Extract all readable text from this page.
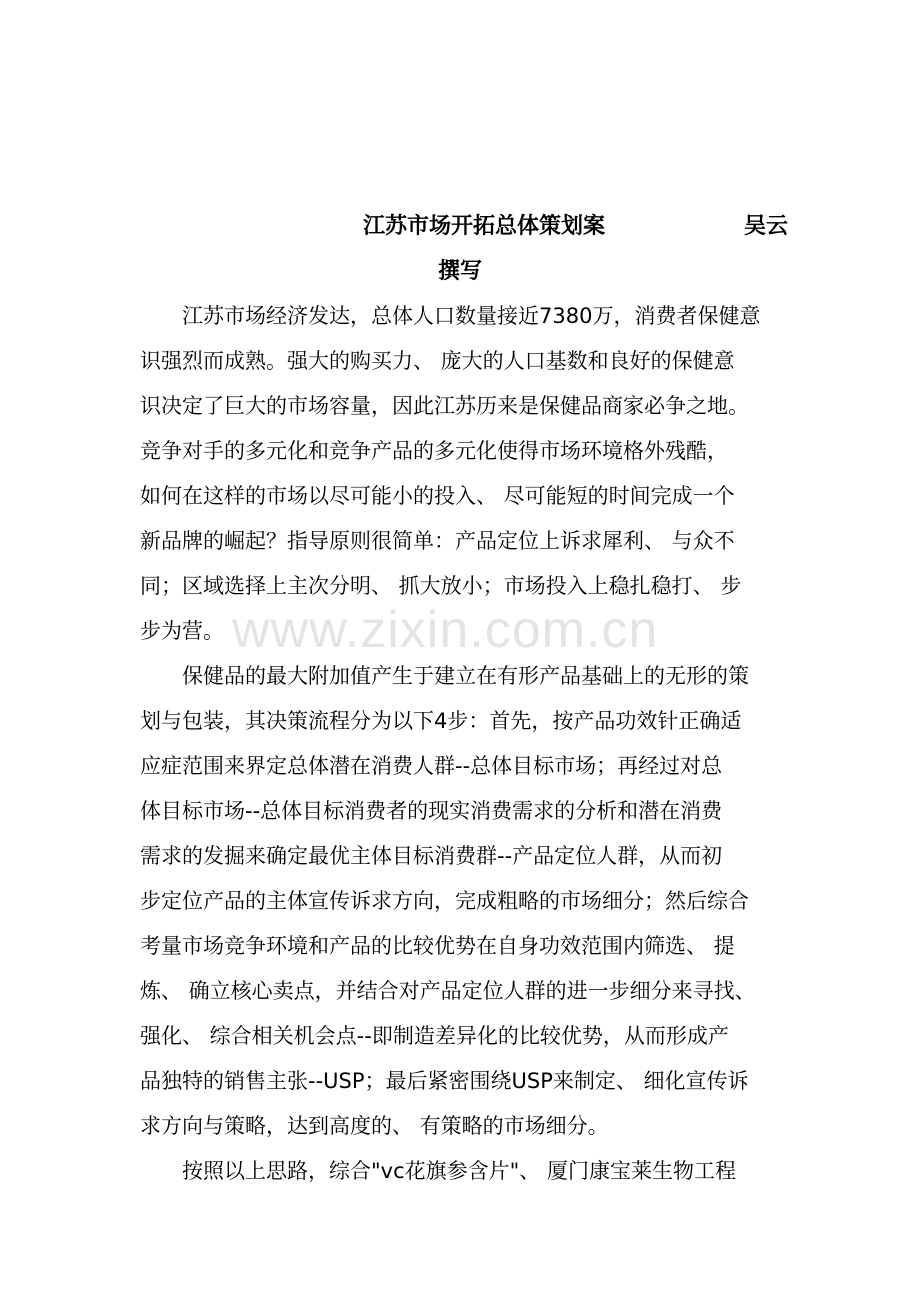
江苏市场开拓总体策划案	吴云
撰写
江苏市场经济发达，总体人口数量接近7380万，消费者保健意
识强烈而成熟。强大的购买力、 庞大的人口基数和良好的保健意
识决定了巨大的市场容量，因此江苏历来是保健品商家必争之地。
竞争对手的多元化和竞争产品的多元化使得市场环境格外残酷，
如何在这样的市场以尽可能小的投入、 尽可能短的时间完成一个
新品牌的崛起？指导原则很简单：产品定位上诉求犀利、 与众不
同；区域选择上主次分明、 抓大放小；市场投入上稳扎稳打、 步
步为营。
保健品的最大附加值产生于建立在有形产品基础上的无形的策
划与包装，其决策流程分为以下4步：首先，按产品功效针正确适
应症范围来界定总体潜在消费人群--总体目标市场；再经过对总
体目标市场--总体目标消费者的现实消费需求的分析和潜在消费
需求的发掘来确定最优主体目标消费群--产品定位人群，从而初
步定位产品的主体宣传诉求方向，完成粗略的市场细分；然后综合
考量市场竞争环境和产品的比较优势在自身功效范围内筛选、 提
炼、 确立核心卖点，并结合对产品定位人群的进一步细分来寻找、
强化、 综合相关机会点--即制造差异化的比较优势，从而形成产
品独特的销售主张--USP；最后紧密围绕USP来制定、 细化宣传诉
求方向与策略，达到高度的、 有策略的市场细分。
按照以上思路，综合"vc花旗参含片"、 厦门康宝莱生物工程
www.zixin.com.cn
